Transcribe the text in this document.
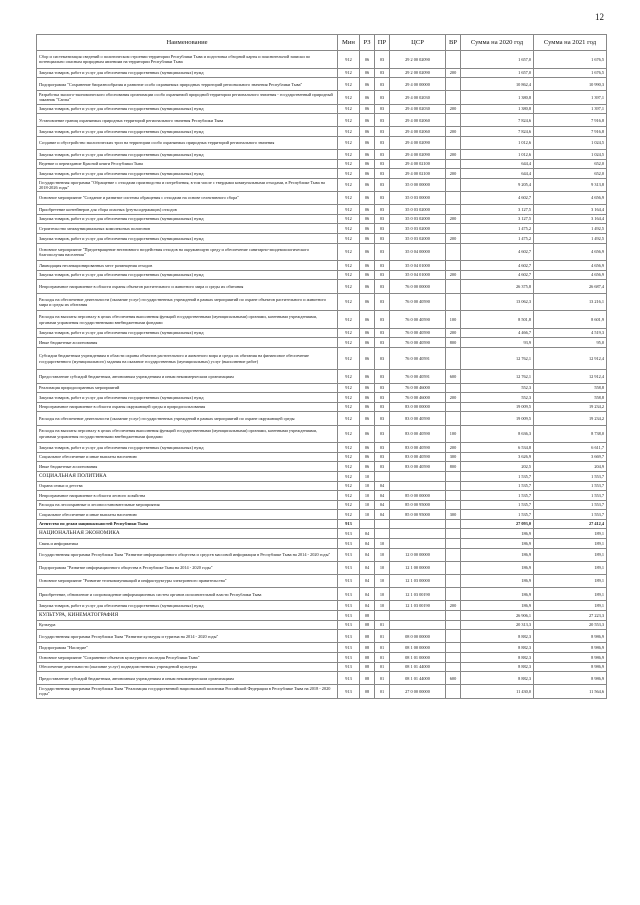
12
Наименование	Мин	РЗ	ПР	ЦСР	ВР	Сумма на 2020 год	Сумма на 2021 год
Сбор и систематизация сведений о политическом строении территории Республики Тыва и подготовка обзорной карты и пояснительной записки по потенциально опасным природным явлениям на территории Республики Тыва	912	06	03	29 2 00 02090		1 657,0	1 676,5
Закупка товаров, работ и услуг для обеспечения государственных (муниципальных) нужд	912	06	03	29 2 00 02090	200	1 657,0	1 676,5
Подпрограмма "Сохранение биоразнообразия и развитие особо охраняемых природных территорий регионального значения Республики Тыва"	912	06	03	29 4 00 00000		10 862,4	10 990,3
Разработка эколого-экономического обоснования организации особо охраняемой природной территории регионального значения - государственный природный заказник "Саглы"	912	06	03	29 4 00 02030		1 380,8	1 397,1
Закупка товаров, работ и услуг для обеспечения государственных (муниципальных) нужд	912	06	03	29 4 00 02030	200	1 380,8	1 397,1
Установление границ охраняемых природных территорий регионального значения Республики Тыва	912	06	03	29 4 00 02060		7 824,6	7 916,8
Закупка товаров, работ и услуг для обеспечения государственных (муниципальных) нужд	912	06	03	29 4 00 02060	200	7 824,6	7 916,8
Создание и обустройство экологических троп на территории особо охраняемых природных территорий регионального значения	912	06	03	29 4 00 02090		1 012,6	1 024,5
Закупка товаров, работ и услуг для обеспечения государственных (муниципальных) нужд	912	06	03	29 4 00 02090	200	1 012,6	1 024,5
Ведение и переиздание Красной книги Республики Тыва	912	06	03	29 4 00 02100		644,4	652,0
Закупка товаров, работ и услуг для обеспечения государственных (муниципальных) нужд	912	06	03	29 4 00 02100	200	644,4	652,0
Государственная программа "Обращение с отходами производства и потребления, в том числе с твердыми коммунальными отходами, в Республике Тыва на 2018-2026 годы"	912	06	03	35 0 00 00000		9 205,4	9 313,8
Основное мероприятие "Создание и развитие системы обращения с отходами на основе селективного сбора"	912	06	03	35 0 03 00000		4 602,7	4 656,9
Приобретение контейнеров для сбора опасных (ртутьсодержащих) отходов	912	06	03	35 0 03 02000		3 127,5	3 164,4
Закупка товаров, работ и услуг для обеспечения государственных (муниципальных) нужд	912	06	03	35 0 03 02000	200	3 127,5	3 164,4
Строительство межмуниципальных комплексных полигонов	912	06	03	35 0 03 02000		1 475,2	1 492,5
Закупка товаров, работ и услуг для обеспечения государственных (муниципальных) нужд	912	06	03	35 0 03 02000	200	1 475,2	1 492,5
Основное мероприятие "Предотвращение негативного воздействия отходов на окружающую среду и обеспечение санитарно-эпидемиологического благополучия населения"	912	06	03	35 0 04 00000		4 602,7	4 656,9
Ликвидация несанкционированных мест размещения отходов	912	06	03	35 0 04 01000		4 602,7	4 656,9
Закупка товаров, работ и услуг для обеспечения государственных (муниципальных) нужд	912	06	03	35 0 04 01000	200	4 602,7	4 656,9
Непрограммное направление в области охраны объектов растительного и животного мира и среды их обитания	912	06	03	76 0 00 00000		26 375,8	26 687,4
Расходы на обеспечение деятельности (оказание услуг) государственных учреждений в рамках мероприятий по охране объектов растительного и животного мира и среды их обитания	912	06	03	76 0 00 40590		13 062,3	13 216,1
Расходы на выплаты персоналу в целях обеспечения выполнения функций государственными (муниципальными) органами, казенными учреждениями, органами управления государственными внебюджетными фондами	912	06	03	76 0 00 40590	100	8 501,8	8 601,9
Закупка товаров, работ и услуг для обеспечения государственных (муниципальных) нужд	912	06	03	76 0 00 40590	200	4 466,7	4 519,3
Иные бюджетные ассигнования	912	06	03	76 0 00 40590	800	93,9	95,0
Субсидии бюджетным учреждениям в области охраны объектов растительного и животного мира и среды их обитания на финансовое обеспечение государственного (муниципального) задания на оказание государственных (муниципальных) услуг (выполнение работ)	912	06	03	76 0 00 40591		12 762,1	12 912,4
Предоставление субсидий бюджетным, автономным учреждениям и иным некоммерческим организациям	912	06	03	76 0 00 40591	600	12 762,1	12 912,4
Реализация природоохранных мероприятий	912	06	03	76 0 00 46000		552,3	558,8
Закупка товаров, работ и услуг для обеспечения государственных (муниципальных) нужд	912	06	03	76 0 00 46000	200	552,3	558,8
Непрограммное направление в области охраны окружающей среды и природопользования	912	06	03	83 0 00 00000		19 009,5	19 234,2
Расходы на обеспечение деятельности (оказание услуг) государственных учреждений в рамках мероприятий по охране окружающей среды	912	06	03	83 0 00 40590		19 009,5	19 234,2
Расходы на выплаты персоналу в целях обеспечения выполнения функций государственными (муниципальными) органами, казенными учреждениями, органами управления государственными внебюджетными фондами	912	06	03	83 0 00 40590	100	8 636,3	8 738,0
Закупка товаров, работ и услуг для обеспечения государственных (муниципальных) нужд	912	06	03	83 0 00 40590	200	6 534,8	6 611,7
Социальное обеспечение и иные выплаты населению	912	06	03	83 0 00 40590	300	3 626,9	3 669,7
Иные бюджетные ассигнования	912	06	03	83 0 00 40590	800	202,5	204,9
СОЦИАЛЬНАЯ ПОЛИТИКА	912	10				1 535,7	1 553,7
Охрана семьи и детства	912	10	04			1 535,7	1 553,7
Непрограммное направление в области лесного хозяйства	912	10	04	85 0 00 00000		1 535,7	1 553,7
Расходы на лесоохранные и лесовосстановительные мероприятия	912	10	04	85 0 00 95000		1 535,7	1 553,7
Социальное обеспечение и иные выплаты населению	912	10	04	85 0 00 95000	300	1 535,7	1 553,7
Агентство по делам национальностей Республики Тыва	913					27 093,0	27 412,4
НАЦИОНАЛЬНАЯ ЭКОНОМИКА	913	04				186,9	189,1
Связь и информатика	913	04	10			186,9	189,1
Государственная программа Республики Тыва "Развитие информационного общества и средств массовой информации в Республике Тыва на 2014 - 2020 годы"	913	04	10	12 0 00 00000		186,9	189,1
Подпрограмма "Развитие информационного общества в Республике Тыва на 2014 - 2020 годы"	913	04	10	12 1 00 00000		186,9	189,1
Основное мероприятие "Развитие телекоммуникаций и инфраструктуры электронного правительства"	913	04	10	12 1 03 00000		186,9	189,1
Приобретение, обновление и сопровождение информационных систем органов исполнительной власти Республики Тыва	913	04	10	12 1 03 00190		186,9	189,1
Закупка товаров, работ и услуг для обеспечения государственных (муниципальных) нужд	913	04	10	12 1 03 00190	200	186,9	189,1
КУЛЬТУРА, КИНЕМАТОГРАФИЯ	913	08				26 906,1	27 223,3
Культура	913	08	01			20 313,3	20 553,3
Государственная программа Республики Тыва "Развитие культуры и туризма на 2014 - 2020 годы"	913	08	01	08 0 00 00000		8 882,3	8 986,9
Подпрограмма "Наследие"	913	08	01	08 1 00 00000		8 882,3	8 986,9
Основное мероприятие "Сохранение объектов культурного наследия Республики Тыва"	913	08	01	08 1 01 00000		8 882,3	8 986,9
Обеспечение деятельности (оказание услуг) подведомственных учреждений культуры	913	08	01	08 1 01 44000		8 882,3	8 986,9
Предоставление субсидий бюджетным, автономным учреждениям и иным некоммерческим организациям	913	08	01	08 1 01 44000	600	8 882,3	8 986,9
Государственная программа Республики Тыва "Реализация государственной национальной политики Российской Федерации в Республике Тыва на 2018 - 2020 годы"	913	08	01	27 0 00 00000		11 430,0	11 564,6
